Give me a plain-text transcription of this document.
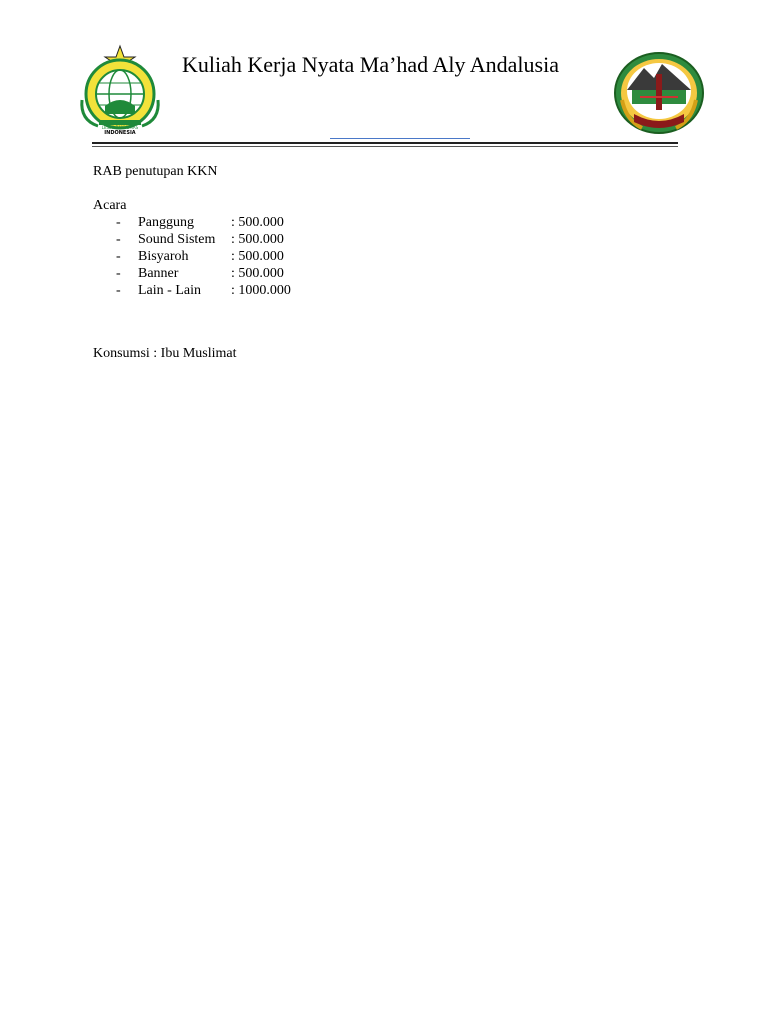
LESER BANYUMAS
INDONESIA
Kuliah Kerja Nyata Ma’had Aly Andalusia

RAB penutupan KKN

Acara

-	Panggung	: 500.000
-	Sound Sistem	: 500.000
-	Bisyaroh	: 500.000
-	Banner	: 500.000
-	Lain - Lain	: 1000.000

Konsumsi : Ibu Muslimat
